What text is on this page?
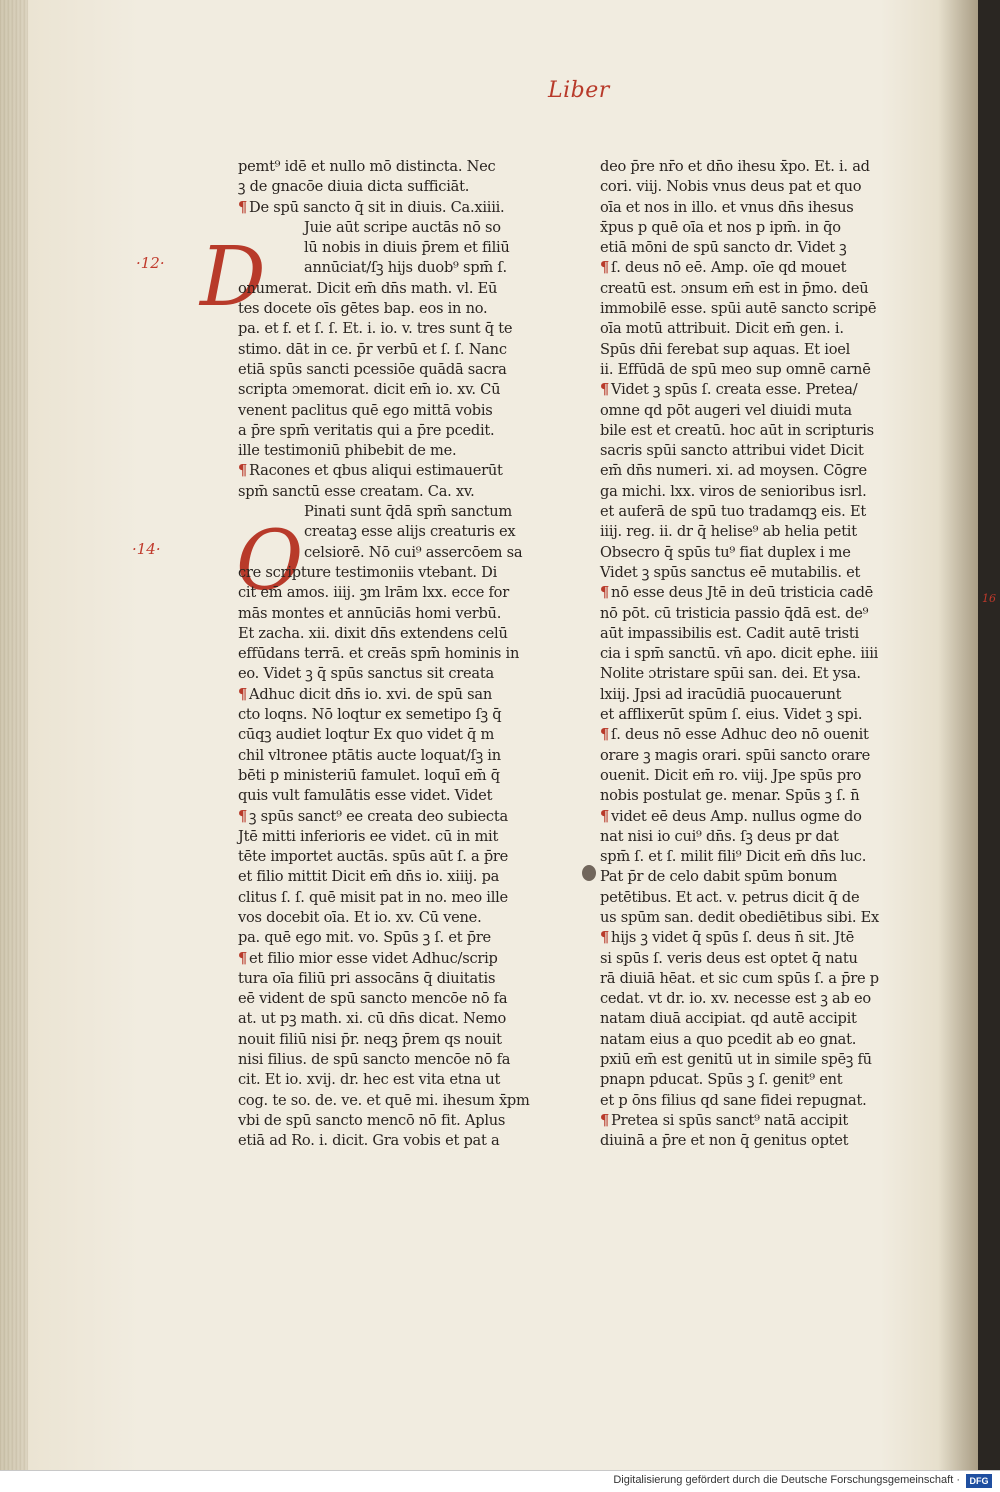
Liber
·12·
·14·
16
D
O
pemt⁹ idē et nullo mō distincta. Nec
ꝫ de gnacōe diuia dicta sufficiāt.
¶ De spū sancto q̄ sit in diuis. Ca.xiiii.
Juie aūt scripe auctās nō so
lū nobis in diuis p̄rem et filiū
annūciat/ſꝫ hijs duob⁹ spm̄ ſ.
onumerat. Dicit em̄ dn̄s math. vl. Eū
tes docete oīs gētes bap. eos in no.
pa. et f. et ſ. ſ. Et. i. io. v. tres sunt q̄ te
stimo. dāt in ce. p̄r verbū et ſ. ſ. Nanc
etiā spūs sancti pcessiōe quādā sacra
scripta ɔmemorat. dicit em̄ io. xv. Cū
venent paclitus quē ego mittā vobis
a p̄re spm̄ veritatis qui a p̄re pcedit.
ille testimoniū phibebit de me.
¶ Racones et qbus aliqui estimauerūt
spm̄ sanctū esse creatam. Ca. xv.
Pinati sunt q̄dā spm̄ sanctum
creataꝫ esse alijs creaturis ex
celsiorē. Nō cui⁹ assercōem sa
cre scripture testimoniis vtebant. Di
cit em̄ amos. iiij. ꝫm lrām lxx. ecce for
mās montes et annūciās homi verbū.
Et zacha. xii. dixit dn̄s extendens celū
effūdans terrā. et creās spm̄ hominis in
eo. Videt ꝫ q̄ spūs sanctus sit creata
¶ Adhuc dicit dn̄s io. xvi. de spū san
cto loqns. Nō loqtur ex semetipo ſꝫ q̄
cūqꝫ audiet loqtur Ex quo videt q̄ m
chil vltronee ptātis aucte loquat/ſꝫ in
bēti p ministeriū famulet. loquī em̄ q̄
quis vult famulātis esse videt. Videt
¶ ꝫ spūs sanct⁹ ee creata deo subiecta
Jtē mitti inferioris ee videt. cū in mit
tēte importet auctās. spūs aūt ſ. a p̄re
et filio mittit Dicit em̄ dn̄s io. xiiij. pa
clitus ſ. ſ. quē misit pat in no. meo ille
vos docebit oīa. Et io. xv. Cū vene.
pa. quē ego mit. vo. Spūs ꝫ ſ. et p̄re
¶ et filio mior esse videt Adhuc/scrip
tura oīa filiū pri assocāns q̄ diuitatis
eē vident de spū sancto mencōe nō fa
at. ut pꝫ math. xi. cū dn̄s dicat. Nemo
nouit filiū nisi p̄r. neqꝫ p̄rem qs nouit
nisi filius. de spū sancto mencōe nō fa
cit. Et io. xvij. dr. hec est vita etna ut
cog. te so. de. ve. et quē mi. ihesum x̄pm
vbi de spū sancto mencō nō fit. Aplus
etiā ad Ro. i. dicit. Gra vobis et pat a
deo p̄re nr̄o et dn̄o ihesu x̄po. Et. i. ad
cori. viij. Nobis vnus deus pat et quo
oīa et nos in illo. et vnus dn̄s ihesus
x̄pus p quē oīa et nos p ipm̄. in q̄o
etiā mōni de spū sancto dr. Videt ꝫ
¶ ſ. deus nō eē. Amp. oīe qd mouet
creatū est. ɔnsum em̄ est in p̄mo. deū
immobilē esse. spūi autē sancto scripē
oīa motū attribuit. Dicit em̄ gen. i.
Spūs dn̄i ferebat sup aquas. Et ioel
ii. Effūdā de spū meo sup omnē carnē
¶ Videt ꝫ spūs ſ. creata esse. Pretea/
omne qd pōt augeri vel diuidi muta
bile est et creatū. hoc aūt in scripturis
sacris spūi sancto attribui videt Dicit
em̄ dn̄s numeri. xi. ad moysen. Cōgre
ga michi. lxx. viros de senioribus isrl.
et auferā de spū tuo tradamqꝫ eis. Et
iiij. reg. ii. dr q̄ helise⁹ ab helia petit
Obsecro q̄ spūs tu⁹ fiat duplex i me
Videt ꝫ spūs sanctus eē mutabilis. et
¶ nō esse deus Jtē in deū tristicia cadē
nō pōt. cū tristicia passio q̄dā est. de⁹
aūt impassibilis est. Cadit autē tristi
cia i spm̄ sanctū. vn̄ apo. dicit ephe. iiii
Nolite ɔtristare spūi san. dei. Et ysa.
lxiij. Jpsi ad iracūdiā puocauerunt
et afflixerūt spūm ſ. eius. Videt ꝫ spi.
¶ ſ. deus nō esse Adhuc deo nō ouenit
orare ꝫ magis orari. spūi sancto orare
ouenit. Dicit em̄ ro. viij. Jpe spūs pro
nobis postulat ge. menar. Spūs ꝫ ſ. n̄
¶ videt eē deus Amp. nullus ogme do
nat nisi io cui⁹ dn̄s. ſꝫ deus pr dat
spm̄ ſ. et ſ. milit fili⁹ Dicit em̄ dn̄s luc.
Pat p̄r de celo dabit spūm bonum
petētibus. Et act. v. petrus dicit q̄ de
us spūm san. dedit obediētibus sibi. Ex
¶ hijs ꝫ videt q̄ spūs ſ. deus n̄ sit. Jtē
si spūs ſ. veris deus est optet q̄ natu
rā diuiā hēat. et sic cum spūs ſ. a p̄re p
cedat. vt dr. io. xv. necesse est ꝫ ab eo
natam diuā accipiat. qd autē accipit
natam eius a quo pcedit ab eo gnat.
pxiū em̄ est genitū ut in simile spēꝫ fū
pnapn pducat. Spūs ꝫ ſ. genit⁹ ent
et p ōns filius qd sane fidei repugnat.
¶ Pretea si spūs sanct⁹ natā accipit
diuinā a p̄re et non q̄ genitus optet
Digitalisierung gefördert durch die Deutsche Forschungsgemeinschaft ·	DFG
